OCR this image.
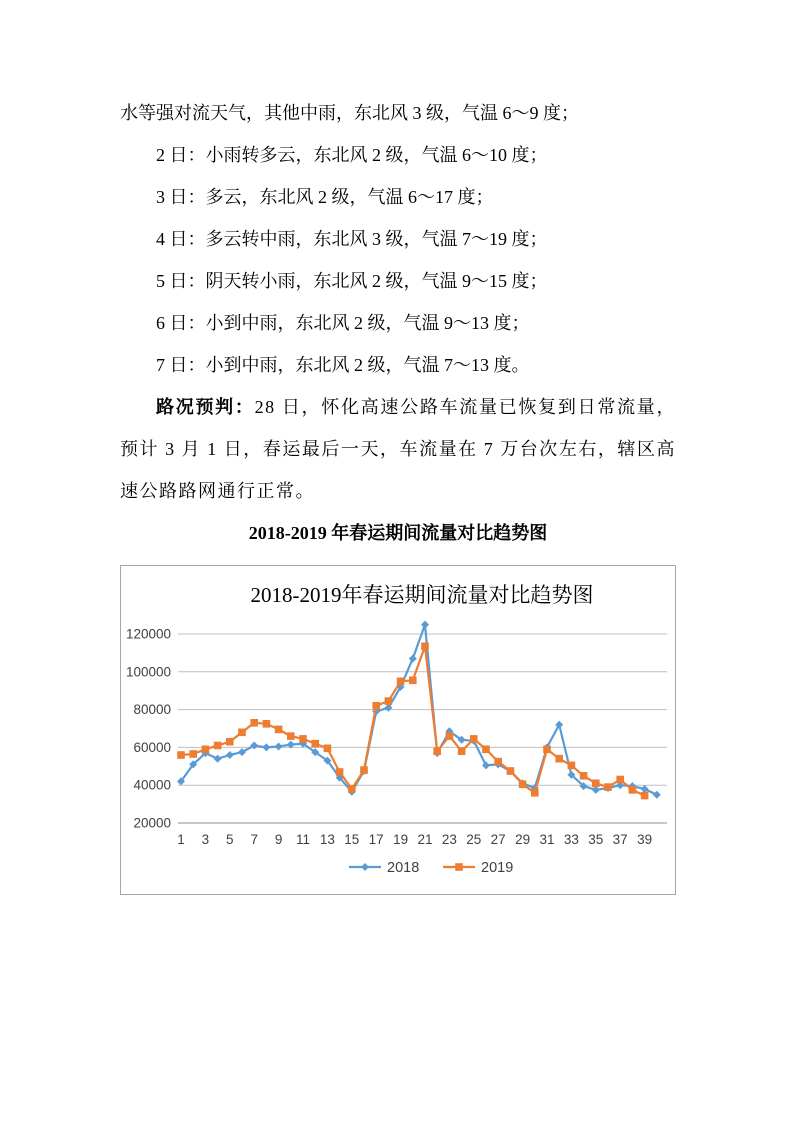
水等强对流天气，其他中雨，东北风 3 级，气温 6～9 度；

2 日：小雨转多云，东北风 2 级，气温 6～10 度；

3 日：多云，东北风 2 级，气温 6～17 度；

4 日：多云转中雨，东北风 3 级，气温 7～19 度；

5 日：阴天转小雨，东北风 2 级，气温 9～15 度；

6 日：小到中雨，东北风 2 级，气温 9～13 度；

7 日：小到中雨，东北风 2 级，气温 7～13 度。

路况预判：28 日，怀化高速公路车流量已恢复到日常流量，预计 3 月 1 日，春运最后一天，车流量在 7 万台次左右，辖区高速公路路网通行正常。

2018-2019 年春运期间流量对比趋势图

2018-2019年春运期间流量对比趋势图
20000
40000
60000
80000
100000
120000
1 3 5 7 9 11 13 15 17 19 21 23 25 27 29 31 33 35 37 39
2018	2019
